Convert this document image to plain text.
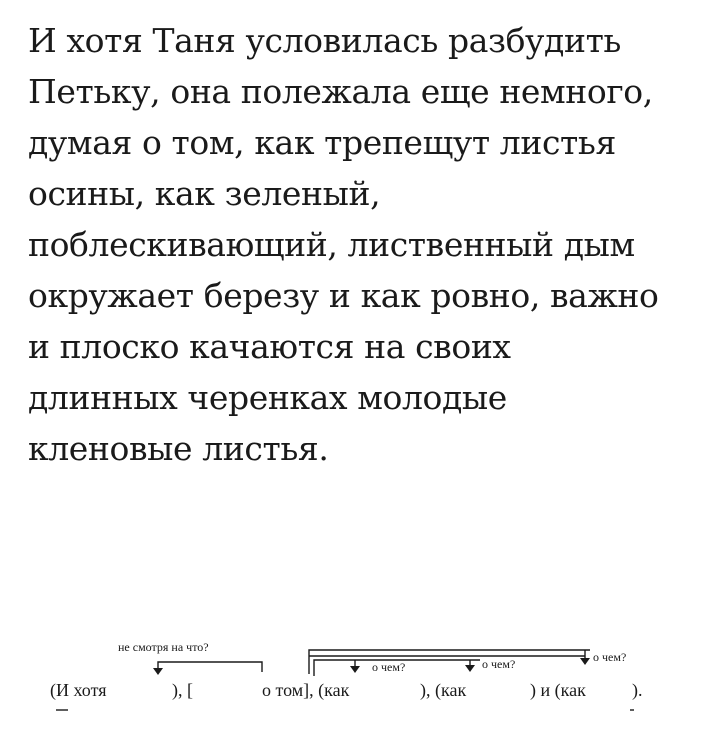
И хотя Таня условилась разбудить
Петьку, она полежала еще немного,
думая о том, как трепещут листья
осины, как зеленый,
поблескивающий, лиственный дым
окружает березу и как ровно, важно
и плоско качаются на своих
длинных черенках молодые
кленовые листья.
не смотря на что?
о чем?	о чем?	о чем?
(И хотя	), [	о том], (как	), (как	) и (как	).
